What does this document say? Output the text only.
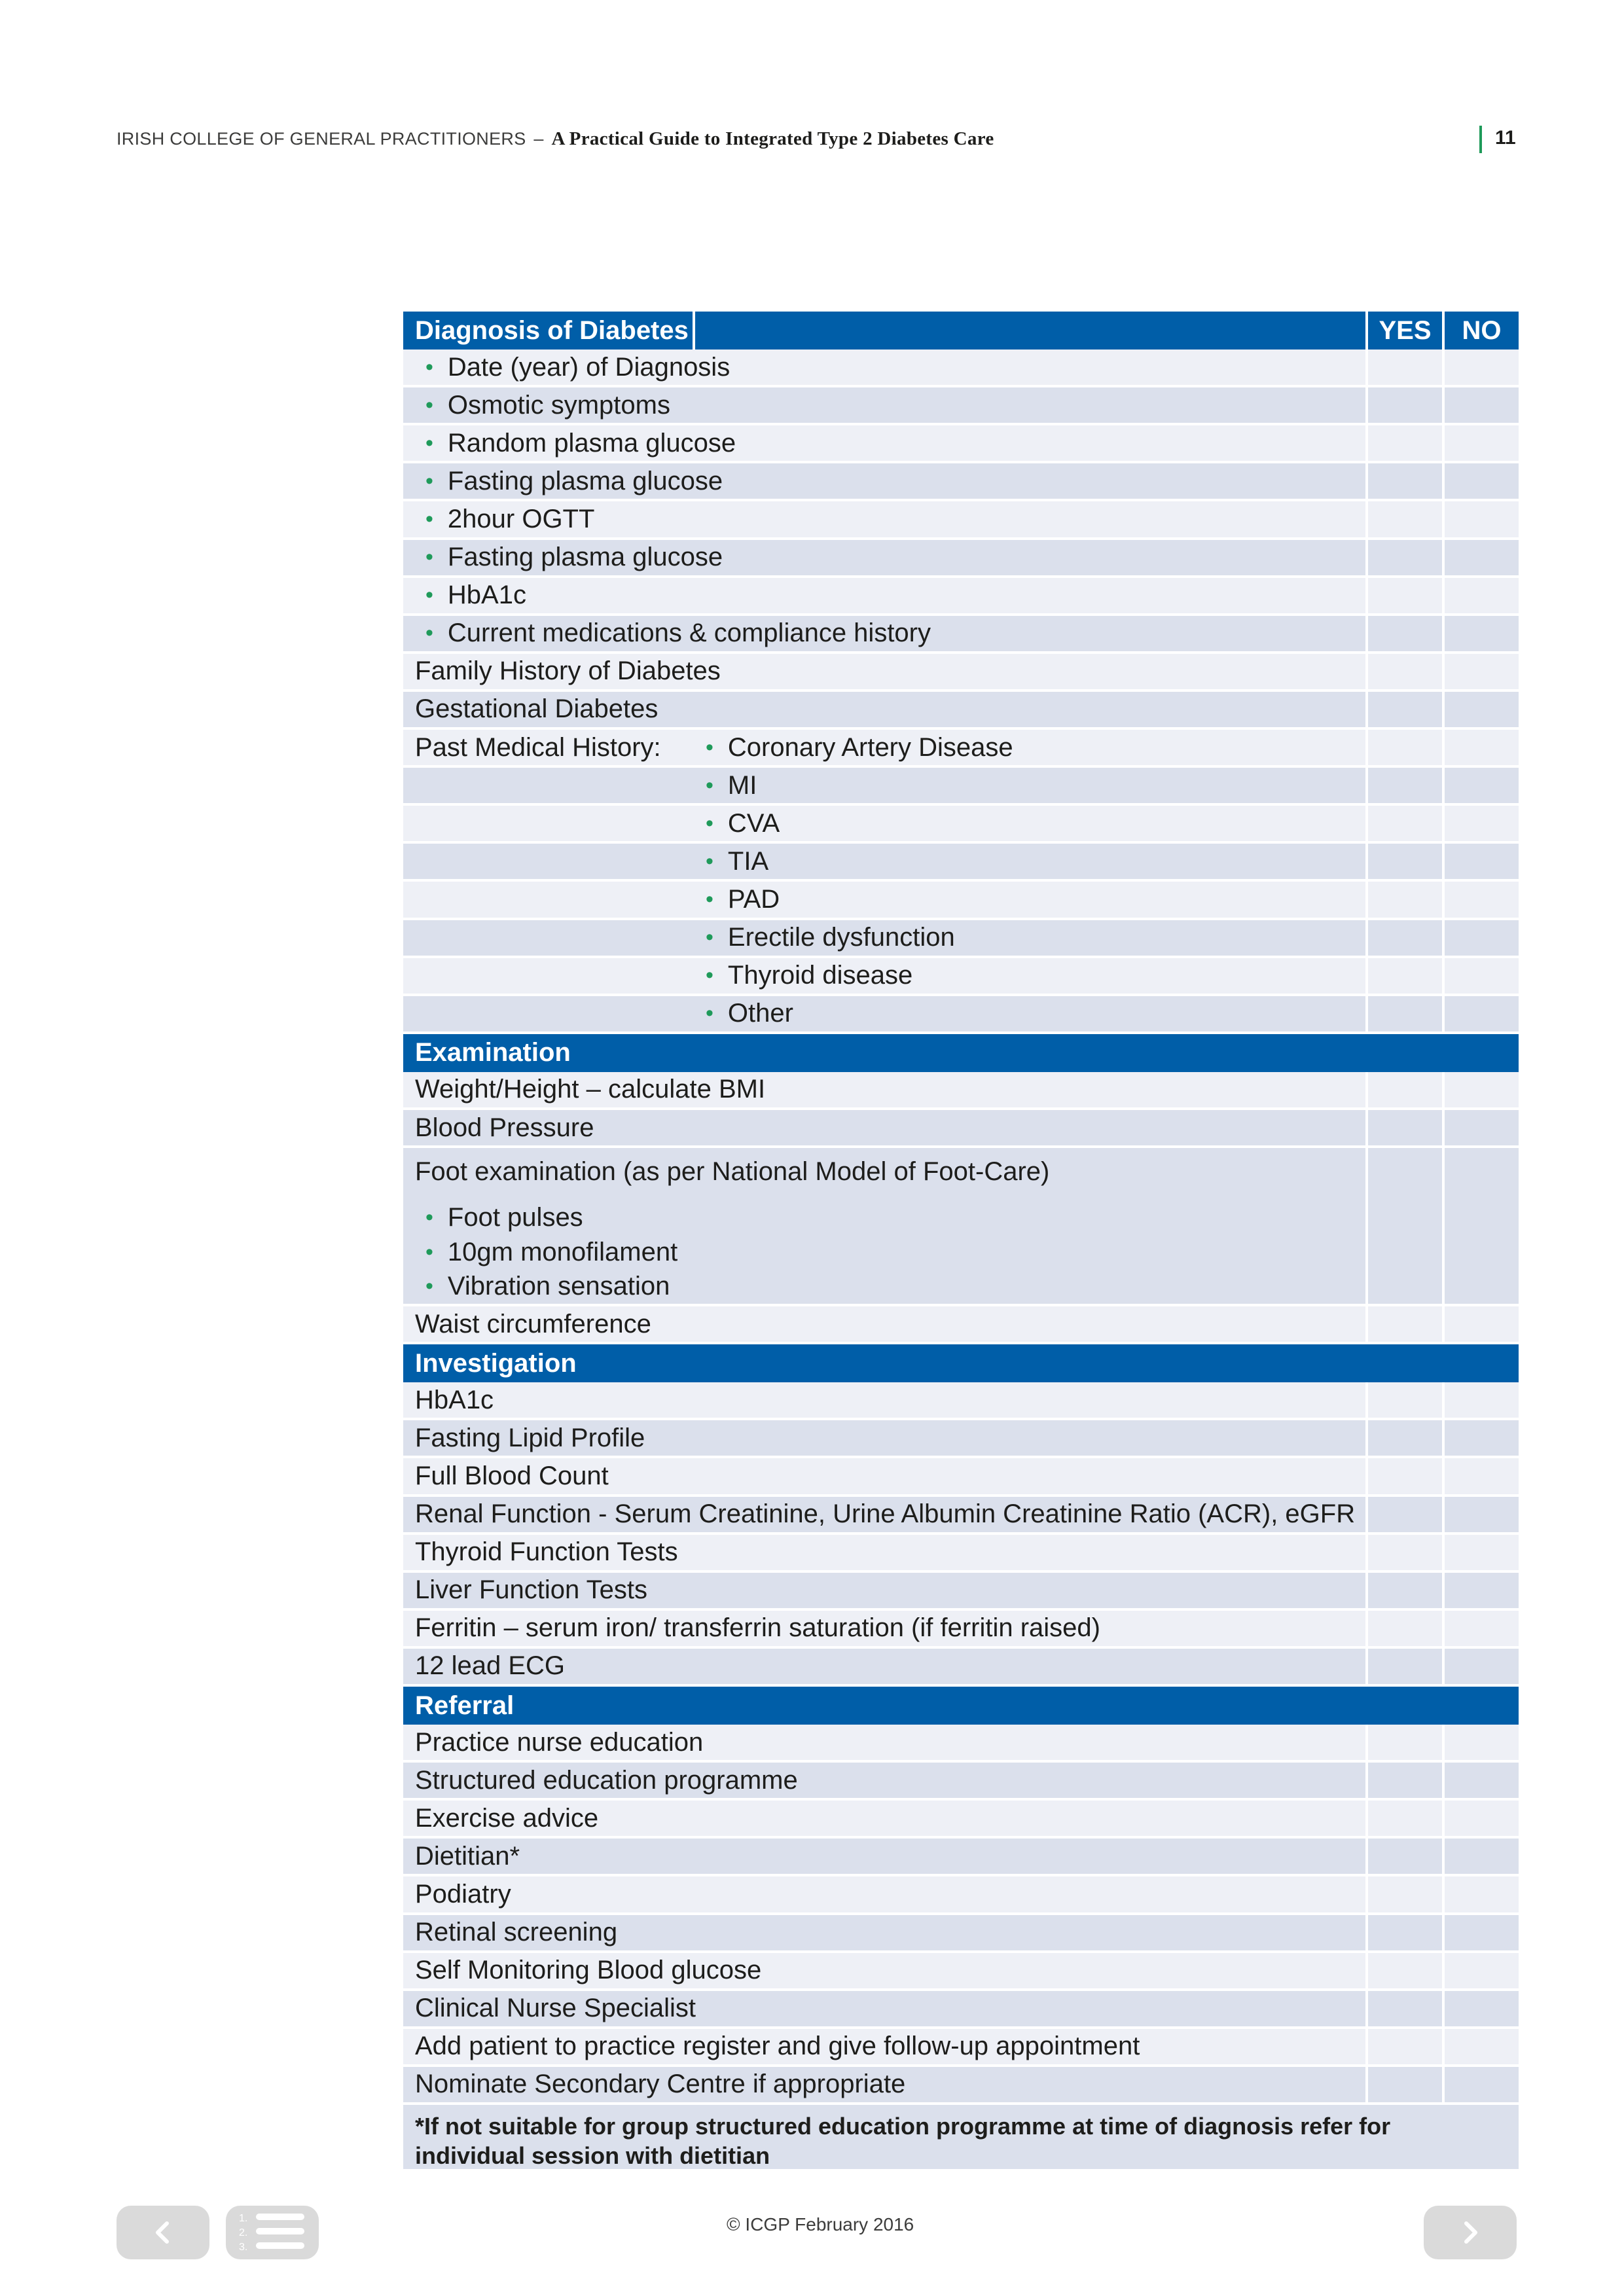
IRISH COLLEGE OF GENERAL PRACTITIONERS – A Practical Guide to Integrated Type 2 Diabetes Care	11
Diagnosis of Diabetes	YES	NO
• Date (year) of Diagnosis
• Osmotic symptoms
• Random plasma glucose
• Fasting plasma glucose
• 2hour OGTT
• Fasting plasma glucose
• HbA1c
• Current medications & compliance history
Family History of Diabetes
Gestational Diabetes
Past Medical History: • Coronary Artery Disease
• MI
• CVA
• TIA
• PAD
• Erectile dysfunction
• Thyroid disease
• Other
Examination
Weight/Height – calculate BMI
Blood Pressure
Foot examination (as per National Model of Foot-Care)
• Foot pulses
• 10gm monofilament
• Vibration sensation
Waist circumference
Investigation
HbA1c
Fasting Lipid Profile
Full Blood Count
Renal Function - Serum Creatinine, Urine Albumin Creatinine Ratio (ACR), eGFR
Thyroid Function Tests
Liver Function Tests
Ferritin – serum iron/ transferrin saturation (if ferritin raised)
12 lead ECG
Referral
Practice nurse education
Structured education programme
Exercise advice
Dietitian*
Podiatry
Retinal screening
Self Monitoring Blood glucose
Clinical Nurse Specialist
Add patient to practice register and give follow-up appointment
Nominate Secondary Centre if appropriate
*If not suitable for group structured education programme at time of diagnosis refer for individual session with dietitian
© ICGP February 2016
1.
2.
3.
